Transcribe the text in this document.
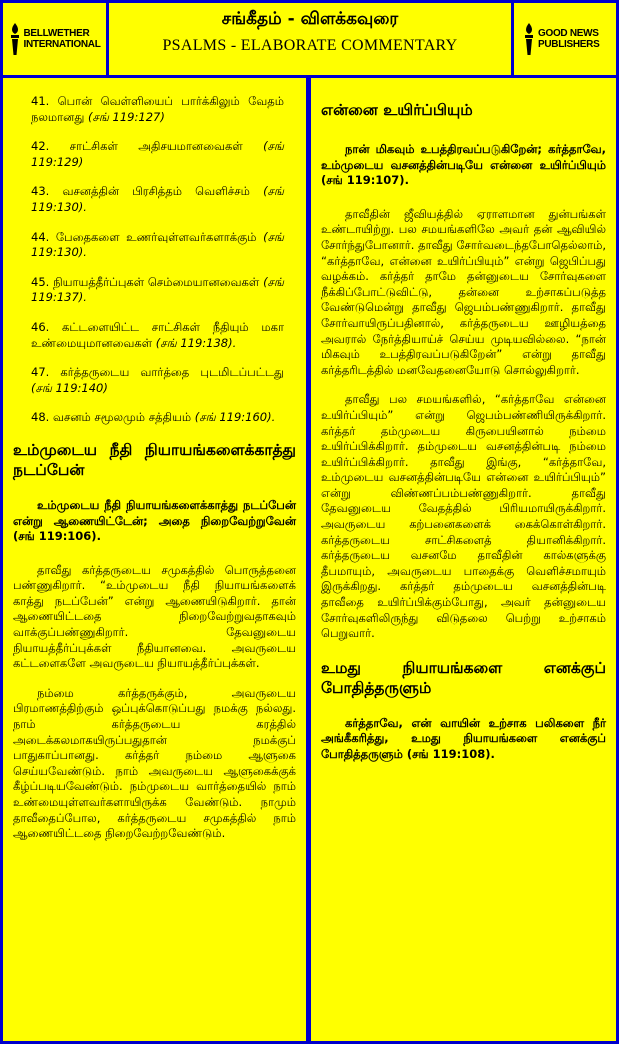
BELLWETHER INTERNATIONAL
சங்கீதம் - விளக்கவுரை
PSALMS - ELABORATE COMMENTARY
GOOD NEWS PUBLISHERS
41. பொன் வெள்ளியைப் பார்க்கிலும் வேதம் நலமானது (சங் 119:127)
42. சாட்சிகள் அதிசயமானவைகள் (சங் 119:129)
43. வசனத்தின் பிரசித்தம் வெளிச்சம் (சங் 119:130).
44. பேதைகளை உணர்வுள்ளவர்களாக்கும் (சங் 119:130).
45. நியாயத்தீர்ப்புகள் செம்மையானவைகள் (சங் 119:137).
46. கட்டளையிட்ட சாட்சிகள் நீதியும் மகா உண்மையுமானவைகள் (சங் 119:138).
47. கர்த்தருடைய வார்த்தை புடமிடப்பட்டது (சங் 119:140)
48. வசனம் சமூலமும் சத்தியம் (சங் 119:160).
உம்முடைய நீதி நியாயங்களைக்காத்து நடப்பேன்

உம்முடைய நீதி நியாயங்களைக்காத்து நடப்பேன் என்று ஆணையிட்டேன்; அதை நிறைவேற்றுவேன் (சங் 119:106).

தாவீது கர்த்தருடைய சமுகத்தில் பொருத்தனை பண்ணுகிறார். “உம்முடைய நீதி நியாயங்களைக் காத்து நடப்பேன்” என்று ஆணையிடுகிறார். தான் ஆணையிட்டதை நிறைவேற்றுவதாகவும் வாக்குப்பண்ணுகிறார். தேவனுடைய நியாயத்தீர்ப்புக்கள் நீதியானவை. அவருடைய கட்டளைகளே அவருடைய நியாயத்தீர்ப்புக்கள்.

நம்மை கர்த்தருக்கும், அவருடைய பிரமாணத்திற்கும் ஒப்புக்கொடுப்பது நமக்கு நல்லது. நாம் கர்த்தருடைய கரத்தில் அடைக்கலமாகயிருப்பதுதான் நமக்குப் பாதுகாப்பானது. கர்த்தர் நம்மை ஆளுகை செய்யவேண்டும். நாம் அவருடைய ஆளுகைக்குக் கீழ்ப்படியவேண்டும். நம்முடைய வார்த்தையில் நாம் உண்மையுள்ளவர்களாயிருக்க வேண்டும். நாமும் தாவீதைப்போல, கர்த்தருடைய சமுகத்தில் நாம் ஆணையிட்டதை நிறைவேற்றவேண்டும்.

என்னை உயிர்ப்பியும்

நான் மிகவும் உபத்திரவப்படுகிறேன்; கர்த்தாவே, உம்முடைய வசனத்தின்படியே என்னை உயிர்ப்பியும் (சங் 119:107).

தாவீதின் ஜீவியத்தில் ஏராளமான துன்பங்கள் உண்டாயிற்று. பல சமயங்களிலே அவர் தன் ஆவியில் சோர்ந்துபோனார். தாவீது சோர்வடைந்தபோதெல்லாம், “கர்த்தாவே, என்னை உயிர்ப்பியும்” என்று ஜெபிப்பது வழக்கம். கர்த்தர் தாமே தன்னுடைய சோர்வுகளை நீக்கிப்போட்டுவிட்டு, தன்னை உற்சாகப்படுத்த வேண்டுமென்று தாவீது ஜெபம்பண்ணுகிறார். தாவீது சோர்வாயிருப்பதினால், கர்த்தருடைய ஊழியத்தை அவரால் நேர்த்தியாய்ச் செய்ய முடியவில்லை. “நான் மிகவும் உபத்திரவப்படுகிறேன்” என்று தாவீது கர்த்தரிடத்தில் மனவேதனையோடு சொல்லுகிறார்.

தாவீது பல சமயங்களில், “கர்த்தாவே என்னை உயிர்ப்பியும்” என்று ஜெபம்பண்ணியிருக்கிறார். கர்த்தர் தம்முடைய கிருபையினால் நம்மை உயிர்ப்பிக்கிறார். தம்முடைய வசனத்தின்படி நம்மை உயிர்ப்பிக்கிறார். தாவீது இங்கு, “கர்த்தாவே, உம்முடைய வசனத்தின்படியே என்னை உயிர்ப்பியும்” என்று விண்ணப்பம்பண்ணுகிறார். தாவீது தேவனுடைய வேதத்தில் பிரியமாயிருக்கிறார். அவருடைய கற்பனைகளைக் கைக்கொள்கிறார். கர்த்தருடைய சாட்சிகளைத் தியானிக்கிறார். கர்த்தருடைய வசனமே தாவீதின் கால்களுக்கு தீபமாயும், அவருடைய பாதைக்கு வெளிச்சமாயும் இருக்கிறது. கர்த்தர் தம்முடைய வசனத்தின்படி தாவீதை உயிர்ப்பிக்கும்போது, அவர் தன்னுடைய சோர்வுகளிலிருந்து விடுதலை பெற்று உற்சாகம் பெறுவார்.

உமது நியாயங்களை எனக்குப் போதித்தருளும்

கர்த்தாவே, என் வாயின் உற்சாக பலிகளை நீர் அங்கீகரித்து, உமது நியாயங்களை எனக்குப் போதித்தருளும் (சங் 119:108).
